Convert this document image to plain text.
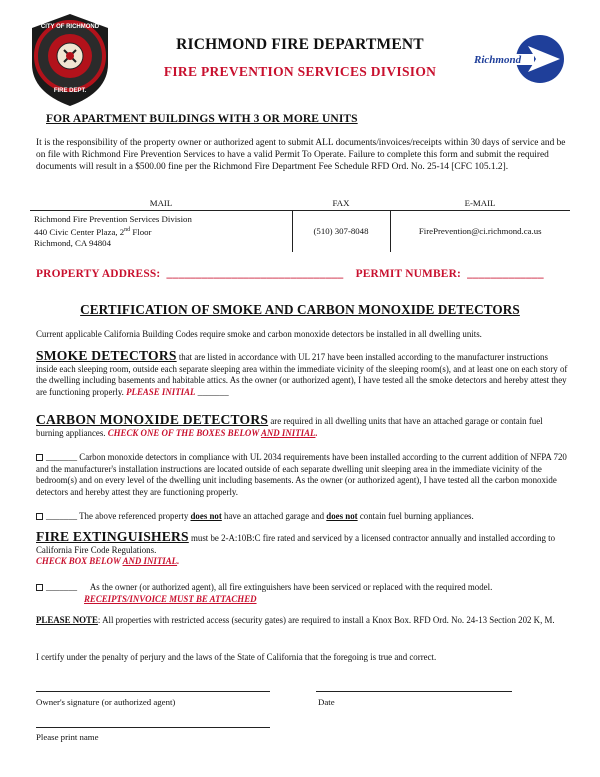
CITY OF RICHMOND
FIRE DEPT.
RICHMOND FIRE DEPARTMENT
FIRE PREVENTION SERVICES DIVISION
Richmond
FOR APARTMENT BUILDINGS WITH 3 OR MORE UNITS
It is the responsibility of the property owner or authorized agent to submit ALL documents/invoices/receipts within 30 days of service and be on file with Richmond Fire Prevention Services to have a valid Permit To Operate. Failure to complete this form and submit the required documents will result in a $500.00 fine per the Richmond Fire Department Fee Schedule RFD Ord. No. 25-14 [CFC 105.1.2].
MAIL	FAX	E-MAIL

Richmond Fire Prevention Services Division
440 Civic Center Plaza, 2nd Floor
Richmond, CA 94804	(510) 307-8048	FirePrevention@ci.richmond.ca.us
PROPERTY ADDRESS: ______________________________ PERMIT NUMBER: _____________
CERTIFICATION OF SMOKE AND CARBON MONOXIDE DETECTORS
Current applicable California Building Codes require smoke and carbon monoxide detectors be installed in all dwelling units.
SMOKE DETECTORS that are listed in accordance with UL 217 have been installed according to the manufacturer instructions inside each sleeping room, outside each separate sleeping area within the immediate vicinity of the sleeping room(s), and at least one on each story of the dwelling including basements and habitable attics. As the owner (or authorized agent), I have tested all the smoke detectors and hereby attest they are functioning properly. PLEASE INITIAL _______
CARBON MONOXIDE DETECTORS are required in all dwelling units that have an attached garage or contain fuel burning appliances. CHECK ONE OF THE BOXES BELOW AND INITIAL.
_______ Carbon monoxide detectors in compliance with UL 2034 requirements have been installed according to the current addition of NFPA 720 and the manufacturer's installation instructions are located outside of each separate dwelling unit sleeping area in the immediate vicinity of the bedroom(s) and on every level of the dwelling unit including basements. As the owner (or authorized agent), I have tested all the carbon monoxide detectors and hereby attest they are functioning properly.
_______ The above referenced property does not have an attached garage and does not contain fuel burning appliances.
FIRE EXTINGUISHERS must be 2-A:10B:C fire rated and serviced by a licensed contractor annually and installed according to California Fire Code Regulations.
CHECK BOX BELOW AND INITIAL.
_______      As the owner (or authorized agent), all fire extinguishers have been serviced or replaced with the required model.
RECEIPTS/INVOICE MUST BE ATTACHED
PLEASE NOTE: All properties with restricted access (security gates) are required to install a Knox Box. RFD Ord. No. 24-13 Section 202 K, M.
I certify under the penalty of perjury and the laws of the State of California that the foregoing is true and correct.
Owner's signature (or authorized agent)	Date
Please print name
